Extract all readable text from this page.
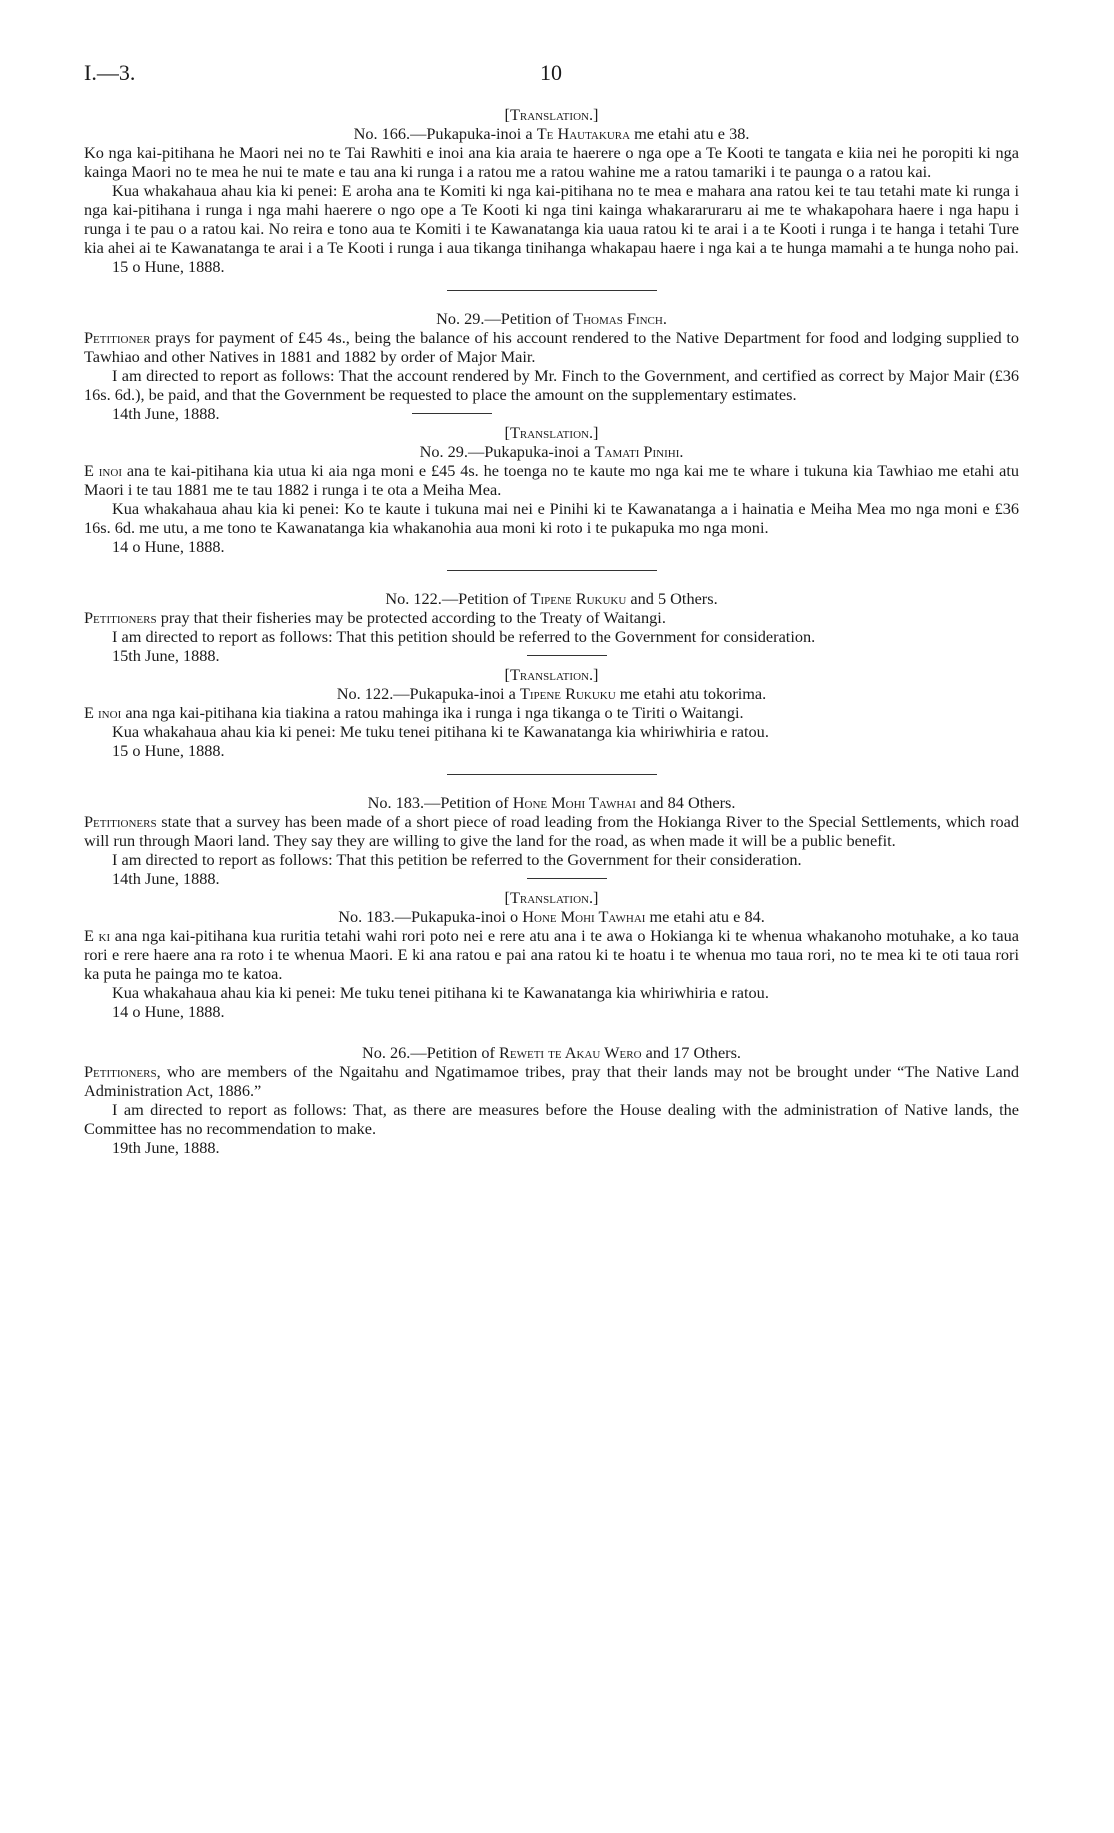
I.—3.	10

[Translation.]

No. 166.—Pukapuka-inoi a Te Hautakura me etahi atu e 38.

Ko nga kai-pitihana he Maori nei no te Tai Rawhiti e inoi ana kia araia te haerere o nga ope a Te Kooti te tangata e kiia nei he poropiti ki nga kainga Maori no te mea he nui te mate e tau ana ki runga i a ratou me a ratou wahine me a ratou tamariki i te paunga o a ratou kai.

Kua whakahaua ahau kia ki penei: E aroha ana te Komiti ki nga kai-pitihana no te mea e mahara ana ratou kei te tau tetahi mate ki runga i nga kai-pitihana i runga i nga mahi haerere o ngo ope a Te Kooti ki nga tini kainga whakararuraru ai me te whakapohara haere i nga hapu i runga i te pau o a ratou kai. No reira e tono aua te Komiti i te Kawanatanga kia uaua ratou ki te arai i a te Kooti i runga i te hanga i tetahi Ture kia ahei ai te Kawanatanga te arai i a Te Kooti i runga i aua tikanga tinihanga whakapau haere i nga kai a te hunga mamahi a te hunga noho pai.

15 o Hune, 1888.

No. 29.—Petition of Thomas Finch.

Petitioner prays for payment of £45 4s., being the balance of his account rendered to the Native Department for food and lodging supplied to Tawhiao and other Natives in 1881 and 1882 by order of Major Mair.

I am directed to report as follows: That the account rendered by Mr. Finch to the Government, and certified as correct by Major Mair (£36 16s. 6d.), be paid, and that the Government be requested to place the amount on the supplementary estimates.

14th June, 1888.

[Translation.]

No. 29.—Pukapuka-inoi a Tamati Pinihi.

E inoi ana te kai-pitihana kia utua ki aia nga moni e £45 4s. he toenga no te kaute mo nga kai me te whare i tukuna kia Tawhiao me etahi atu Maori i te tau 1881 me te tau 1882 i runga i te ota a Meiha Mea.

Kua whakahaua ahau kia ki penei: Ko te kaute i tukuna mai nei e Pinihi ki te Kawanatanga a i hainatia e Meiha Mea mo nga moni e £36 16s. 6d. me utu, a me tono te Kawanatanga kia whakanohia aua moni ki roto i te pukapuka mo nga moni.

14 o Hune, 1888.

No. 122.—Petition of Tipene Rukuku and 5 Others.

Petitioners pray that their fisheries may be protected according to the Treaty of Waitangi.

I am directed to report as follows: That this petition should be referred to the Government for consideration.

15th June, 1888.

[Translation.]

No. 122.—Pukapuka-inoi a Tipene Rukuku me etahi atu tokorima.

E inoi ana nga kai-pitihana kia tiakina a ratou mahinga ika i runga i nga tikanga o te Tiriti o Waitangi.

Kua whakahaua ahau kia ki penei: Me tuku tenei pitihana ki te Kawanatanga kia whiriwhiria e ratou.

15 o Hune, 1888.

No. 183.—Petition of Hone Mohi Tawhai and 84 Others.

Petitioners state that a survey has been made of a short piece of road leading from the Hokianga River to the Special Settlements, which road will run through Maori land. They say they are willing to give the land for the road, as when made it will be a public benefit.

I am directed to report as follows: That this petition be referred to the Government for their consideration.

14th June, 1888.

[Translation.]

No. 183.—Pukapuka-inoi o Hone Mohi Tawhai me etahi atu e 84.

E ki ana nga kai-pitihana kua ruritia tetahi wahi rori poto nei e rere atu ana i te awa o Hokianga ki te whenua whakanoho motuhake, a ko taua rori e rere haere ana ra roto i te whenua Maori. E ki ana ratou e pai ana ratou ki te hoatu i te whenua mo taua rori, no te mea ki te oti taua rori ka puta he painga mo te katoa.

Kua whakahaua ahau kia ki penei: Me tuku tenei pitihana ki te Kawanatanga kia whiriwhiria e ratou.

14 o Hune, 1888.

No. 26.—Petition of Reweti te Akau Wero and 17 Others.

Petitioners, who are members of the Ngaitahu and Ngatimamoe tribes, pray that their lands may not be brought under “The Native Land Administration Act, 1886.”

I am directed to report as follows: That, as there are measures before the House dealing with the administration of Native lands, the Committee has no recommendation to make.

19th June, 1888.
